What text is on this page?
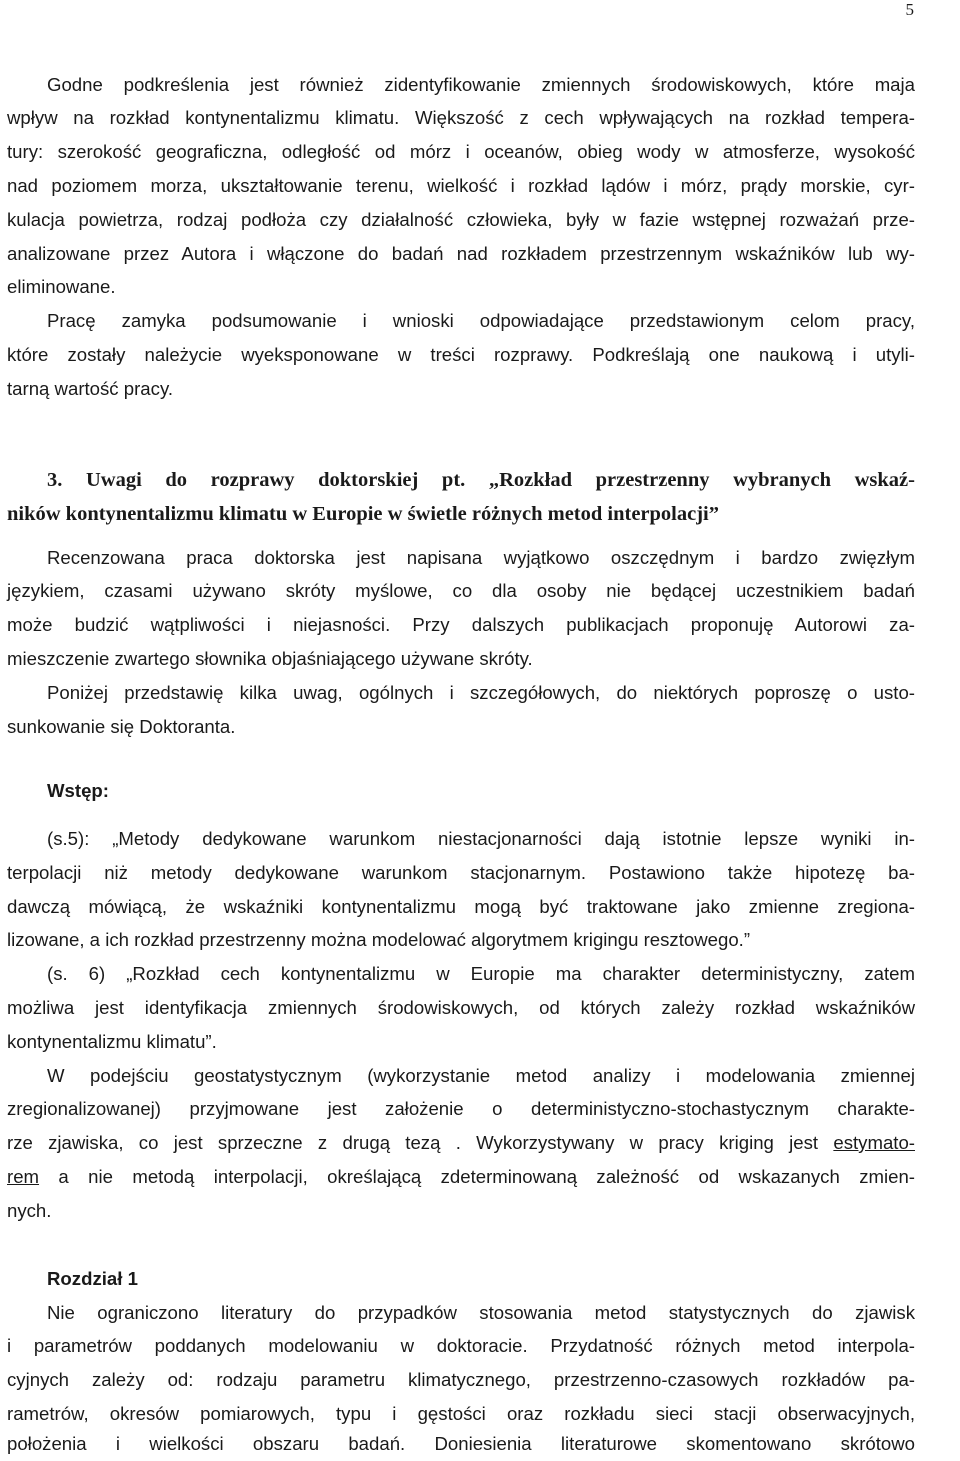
5
Godne podkreślenia jest również zidentyfikowanie zmiennych środowiskowych, które maja
wpływ na rozkład kontynentalizmu klimatu. Większość z cech wpływających na rozkład tempera-
tury: szerokość geograficzna, odległość od mórz i oceanów, obieg wody w atmosferze, wysokość
nad poziomem morza, ukształtowanie terenu, wielkość i rozkład lądów i mórz, prądy morskie, cyr-
kulacja powietrza, rodzaj podłoża czy działalność człowieka, były w fazie wstępnej rozważań prze-
analizowane przez Autora i włączone do badań nad rozkładem przestrzennym wskaźników lub wy-
eliminowane.
Pracę zamyka podsumowanie i wnioski odpowiadające przedstawionym celom pracy,
które zostały należycie wyeksponowane w treści rozprawy. Podkreślają one naukową i utyli-
tarną wartość pracy.
3. Uwagi do rozprawy doktorskiej pt. „Rozkład przestrzenny wybranych wskaź-
ników kontynentalizmu klimatu w Europie w świetle różnych metod interpolacji”
Recenzowana praca doktorska jest napisana wyjątkowo oszczędnym i bardzo zwięzłym
językiem, czasami używano skróty myślowe, co dla osoby nie będącej uczestnikiem badań
może budzić wątpliwości i niejasności. Przy dalszych publikacjach proponuję Autorowi za-
mieszczenie zwartego słownika objaśniającego używane skróty.
Poniżej przedstawię kilka uwag, ogólnych i szczegółowych, do niektórych poproszę o usto-
sunkowanie się Doktoranta.
Wstęp:
(s.5): „Metody dedykowane warunkom niestacjonarności dają istotnie lepsze wyniki in-
terpolacji niż metody dedykowane warunkom stacjonarnym. Postawiono także hipotezę ba-
dawczą mówiącą, że wskaźniki kontynentalizmu mogą być traktowane jako zmienne zregiona-
lizowane, a ich rozkład przestrzenny można modelować algorytmem krigingu resztowego.”
(s. 6) „Rozkład cech kontynentalizmu w Europie ma charakter deterministyczny, zatem
możliwa jest identyfikacja zmiennych środowiskowych, od których zależy rozkład wskaźników
kontynentalizmu klimatu”.
W podejściu geostatystycznym (wykorzystanie metod analizy i modelowania zmiennej
zregionalizowanej) przyjmowane jest założenie o deterministyczno-stochastycznym charakte-
rze zjawiska, co jest sprzeczne z drugą tezą . Wykorzystywany w pracy kriging jest estymato-
rem a nie metodą interpolacji, określającą zdeterminowaną zależność od wskazanych zmien-
nych.
Rozdział 1
Nie ograniczono literatury do przypadków stosowania metod statystycznych do zjawisk
i parametrów poddanych modelowaniu w doktoracie. Przydatność różnych metod interpola-
cyjnych zależy od: rodzaju parametru klimatycznego, przestrzenno-czasowych rozkładów pa-
rametrów, okresów pomiarowych, typu i gęstości oraz rozkładu sieci stacji obserwacyjnych,
położenia i wielkości obszaru badań. Doniesienia literaturowe skomentowano skrótowo
